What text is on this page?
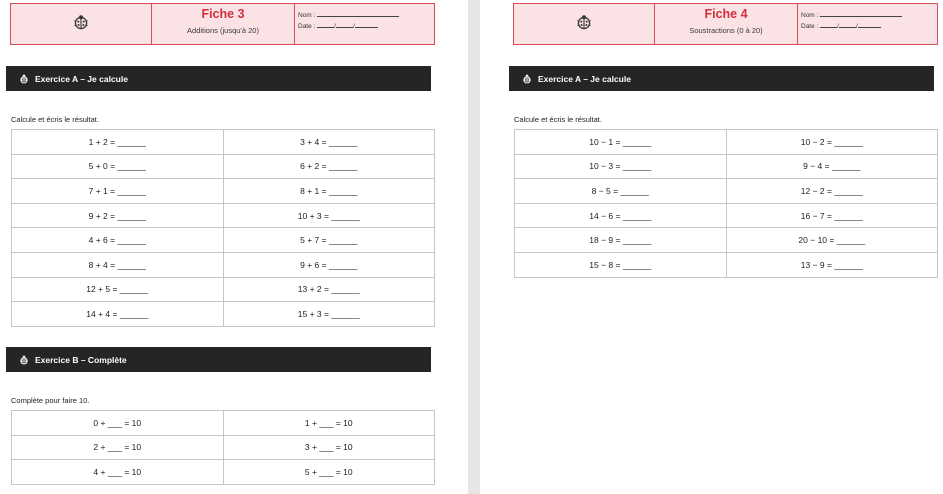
Fiche 3
Additions (jusqu'à 20)
Nom :
Date :	/	/
Exercice A – Je calcule
Calcule et écris le résultat.
1 + 2 = ______	3 + 4 = ______
5 + 0 = ______	6 + 2 = ______
7 + 1 = ______	8 + 1 = ______
9 + 2 = ______	10 + 3 = ______
4 + 6 = ______	5 + 7 = ______
8 + 4 = ______	9 + 6 = ______
12 + 5 = ______	13 + 2 = ______
14 + 4 = ______	15 + 3 = ______
Exercice B – Complète
Complète pour faire 10.
0 + ___ = 10	1 + ___ = 10
2 + ___ = 10	3 + ___ = 10
4 + ___ = 10	5 + ___ = 10
Fiche 4
Soustractions (0 à 20)
Nom :
Date :	/	/
Exercice A – Je calcule
Calcule et écris le résultat.
10 − 1 = ______	10 − 2 = ______
10 − 3 = ______	9 − 4 = ______
8 − 5 = ______	12 − 2 = ______
14 − 6 = ______	16 − 7 = ______
18 − 9 = ______	20 − 10 = ______
15 − 8 = ______	13 − 9 = ______
